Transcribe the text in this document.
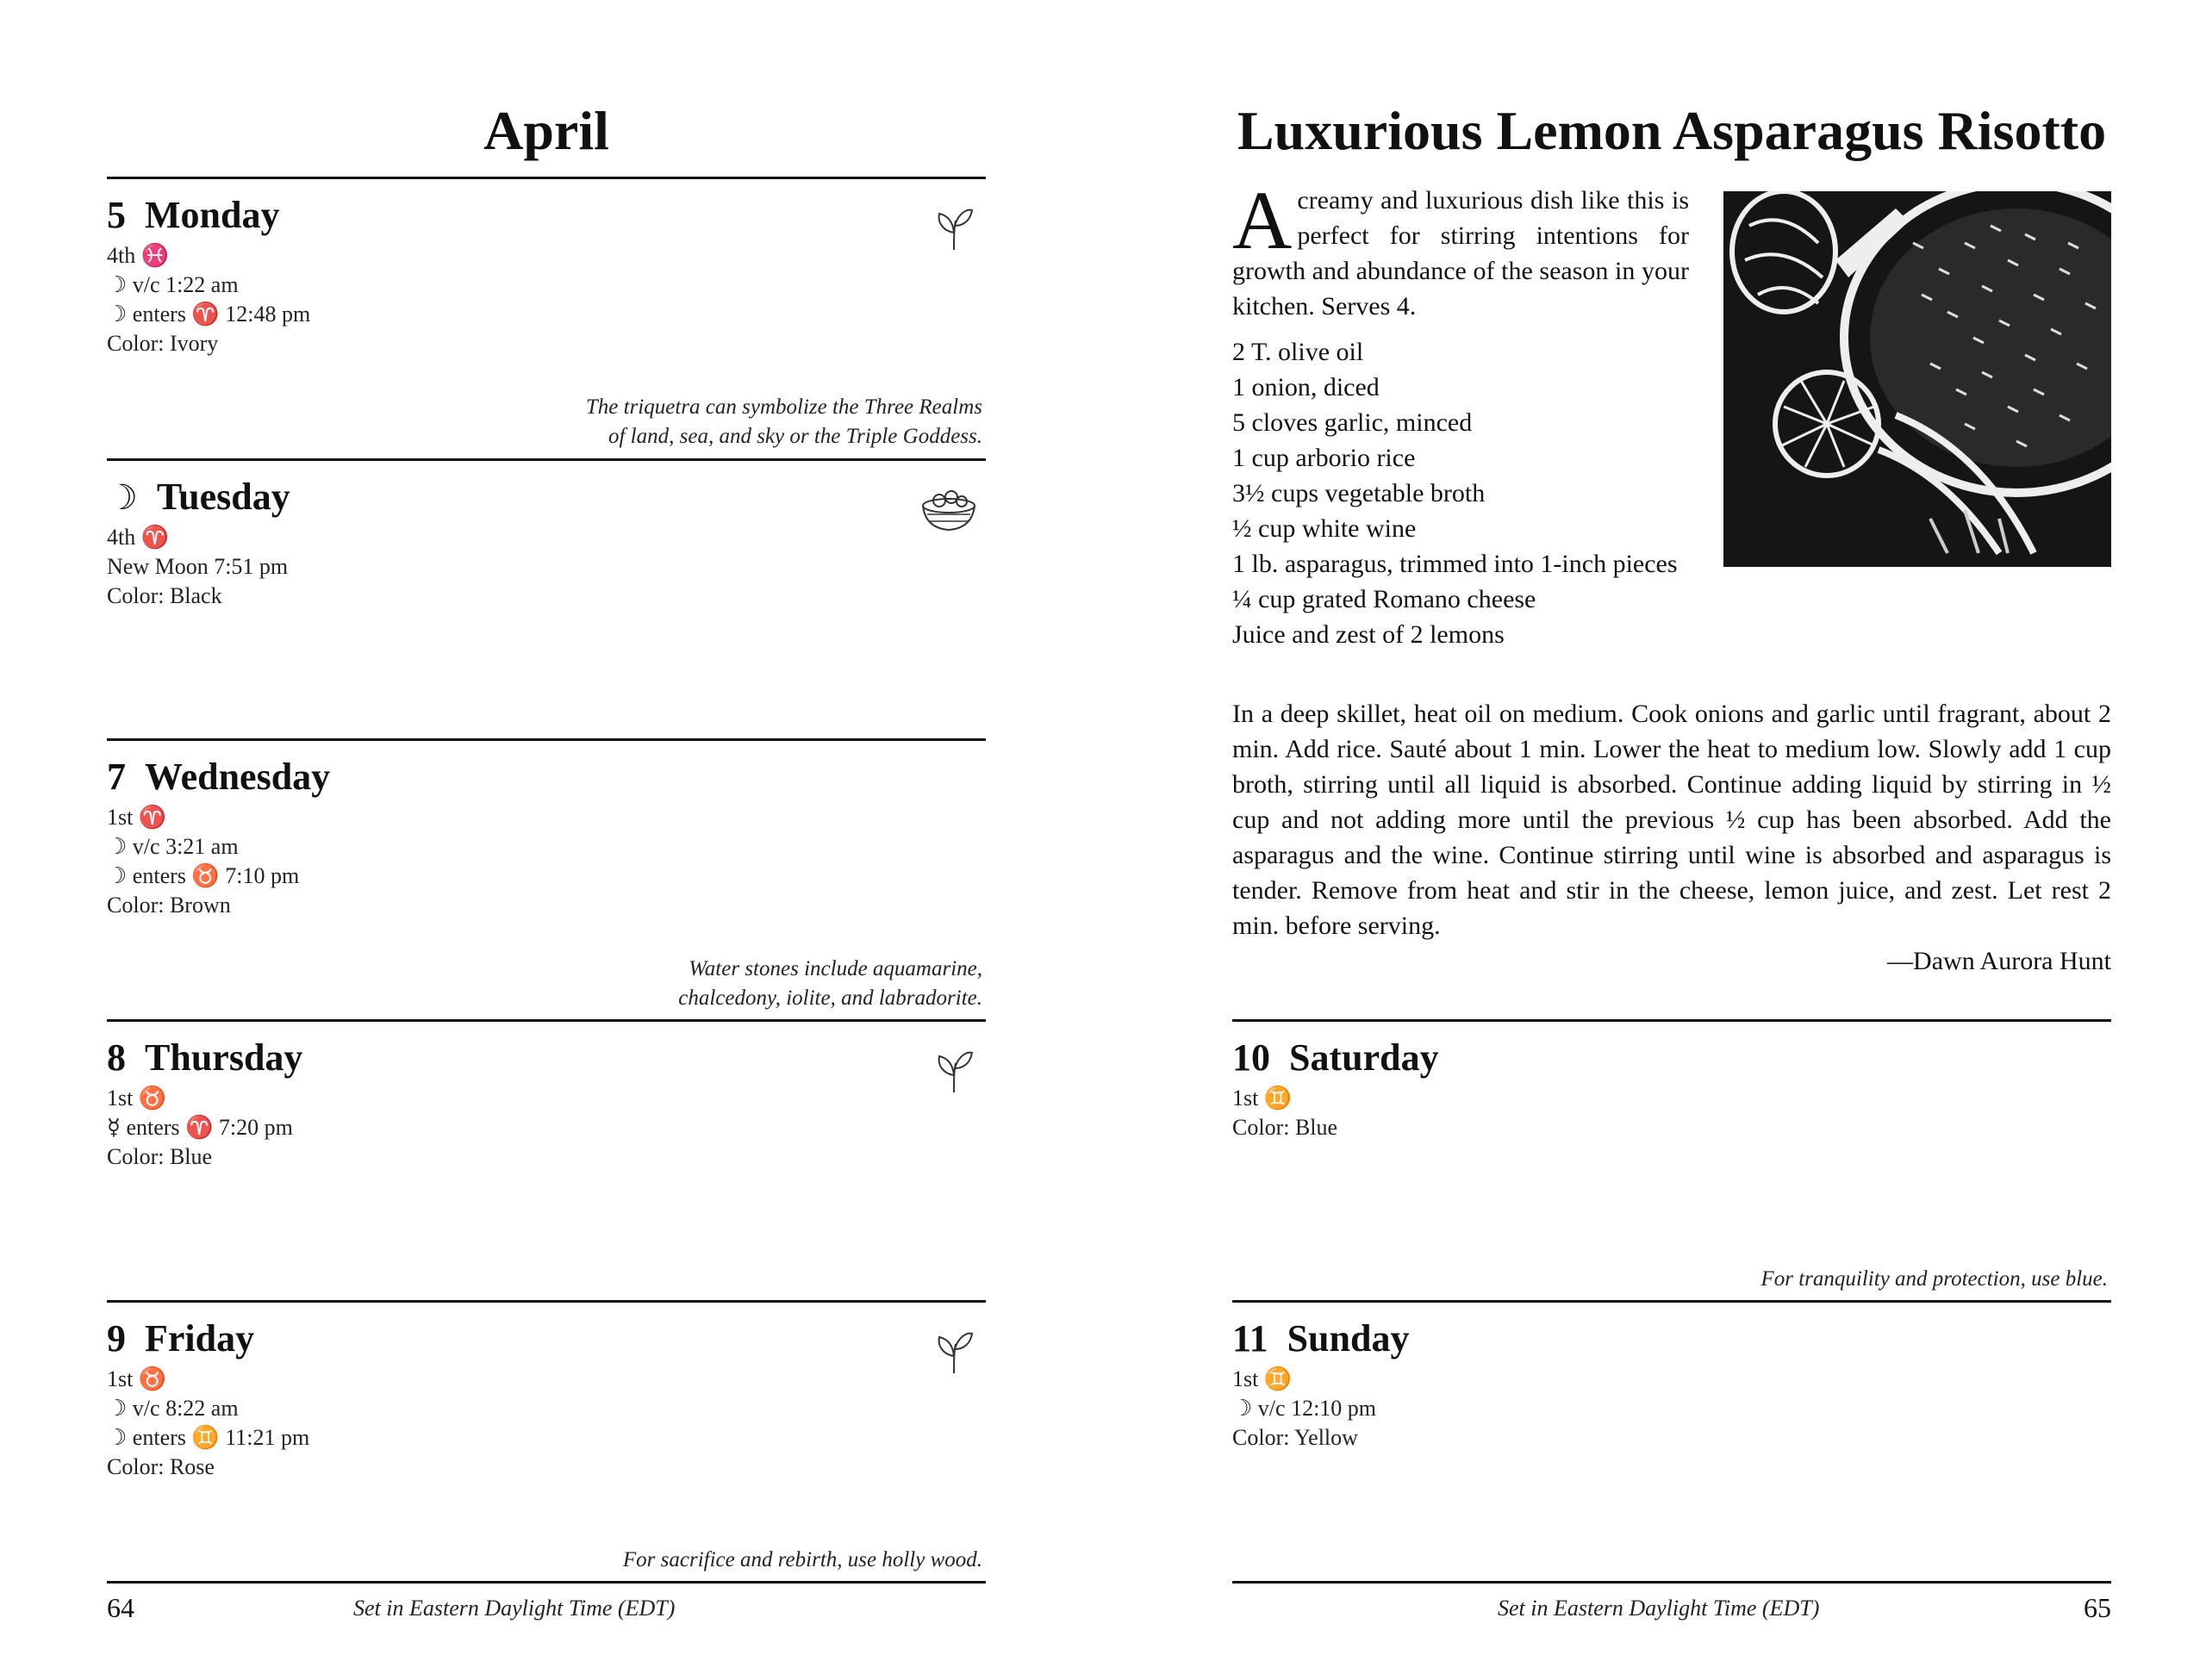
April
5 Monday
4th ♓
☽ v/c 1:22 am
☽ enters ♈ 12:48 pm
Color: Ivory
The triquetra can symbolize the Three Realms
of land, sea, and sky or the Triple Goddess.
☽ Tuesday
4th ♈
New Moon 7:51 pm
Color: Black
7 Wednesday
1st ♈
☽ v/c 3:21 am
☽ enters ♉ 7:10 pm
Color: Brown
Water stones include aquamarine,
chalcedony, iolite, and labradorite.
8 Thursday
1st ♉
☿ enters ♈ 7:20 pm
Color: Blue
9 Friday
1st ♉
☽ v/c 8:22 am
☽ enters ♊ 11:21 pm
Color: Rose
For sacrifice and rebirth, use holly wood.
64	Set in Eastern Daylight Time (EDT)
Luxurious Lemon Asparagus Risotto
Acreamy and luxurious dish like this is perfect for stirring intentions for growth and abundance of the season in your kitchen. Serves 4.
2 T. olive oil
1 onion, diced
5 cloves garlic, minced
1 cup arborio rice
3½ cups vegetable broth
½ cup white wine
1 lb. asparagus, trimmed into 1-inch pieces
¼ cup grated Romano cheese
Juice and zest of 2 lemons
In a deep skillet, heat oil on medium. Cook onions and garlic until fragrant, about 2 min. Add rice. Sauté about 1 min. Lower the heat to medium low. Slowly add 1 cup broth, stirring until all liquid is absorbed. Continue adding liquid by stirring in ½ cup and not adding more until the previous ½ cup has been absorbed. Add the asparagus and the wine. Continue stirring until wine is absorbed and asparagus is tender. Remove from heat and stir in the cheese, lemon juice, and zest. Let rest 2 min. before serving.
—Dawn Aurora Hunt
10 Saturday
1st ♊
Color: Blue
For tranquility and protection, use blue.
11 Sunday
1st ♊
☽ v/c 12:10 pm
Color: Yellow
Set in Eastern Daylight Time (EDT)	65
